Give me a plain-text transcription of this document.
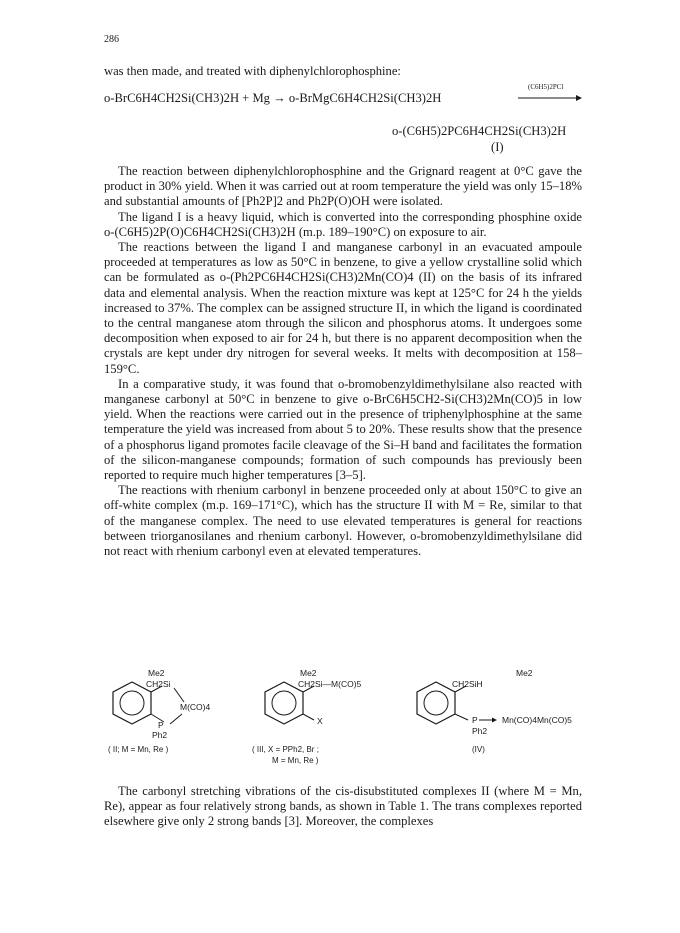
286

was then made, and treated with diphenylchlorophosphine:

o-BrC6H4CH2Si(CH3)2H + Mg → o-BrMgC6H4CH2Si(CH3)2H
(C6H5)2PCl
o-(C6H5)2PC6H4CH2Si(CH3)2H
(I)

The reaction between diphenylchlorophosphine and the Grignard reagent at 0°C gave the product in 30% yield. When it was carried out at room temperature the yield was only 15–18% and substantial amounts of [Ph2P]2 and Ph2P(O)OH were isolated.

The ligand I is a heavy liquid, which is converted into the corresponding phosphine oxide o-(C6H5)2P(O)C6H4CH2Si(CH3)2H (m.p. 189–190°C) on exposure to air.

The reactions between the ligand I and manganese carbonyl in an evacuated ampoule proceeded at temperatures as low as 50°C in benzene, to give a yellow crystalline solid which can be formulated as o-(Ph2PC6H4CH2Si(CH3)2Mn(CO)4 (II) on the basis of its infrared data and elemental analysis. When the reaction mixture was kept at 125°C for 24 h the yields increased to 37%. The complex can be assigned structure II, in which the ligand is coordinated to the central manganese atom through the silicon and phosphorus atoms. It undergoes some decomposition when exposed to air for 24 h, but there is no apparent decomposition when the crystals are kept under dry nitrogen for several weeks. It melts with decomposition at 158–159°C.

In a comparative study, it was found that o-bromobenzyldimethylsilane also reacted with manganese carbonyl at 50°C in benzene to give o-BrC6H5CH2-Si(CH3)2Mn(CO)5 in low yield. When the reactions were carried out in the presence of triphenylphosphine at the same temperature the yield was increased from about 5 to 20%. These results show that the presence of a phosphorus ligand promotes facile cleavage of the Si–H band and facilitates the formation of the silicon-manganese compounds; formation of such compounds has previously been reported to require much higher temperatures [3–5].

The reactions with rhenium carbonyl in benzene proceeded only at about 150°C to give an off-white complex (m.p. 169–171°C), which has the structure II with M = Re, similar to that of the manganese complex. The need to use elevated temperatures is general for reactions between triorganosilanes and rhenium carbonyl. However, o-bromobenzyldimethylsilane did not react with rhenium carbonyl even at elevated temperatures.

Me2
CH2Si
M(CO)4
P
Ph2
( II; M = Mn, Re )
Me2
CH2Si—M(CO)5
X
( III, X = PPh2, Br ;
M = Mn, Re )
Me2
CH2SiH
P	Mn(CO)4Mn(CO)5
Ph2
(IV)

The carbonyl stretching vibrations of the cis-disubstituted complexes II (where M = Mn, Re), appear as four relatively strong bands, as shown in Table 1. The trans complexes reported elsewhere give only 2 strong bands [3]. Moreover, the complexes
